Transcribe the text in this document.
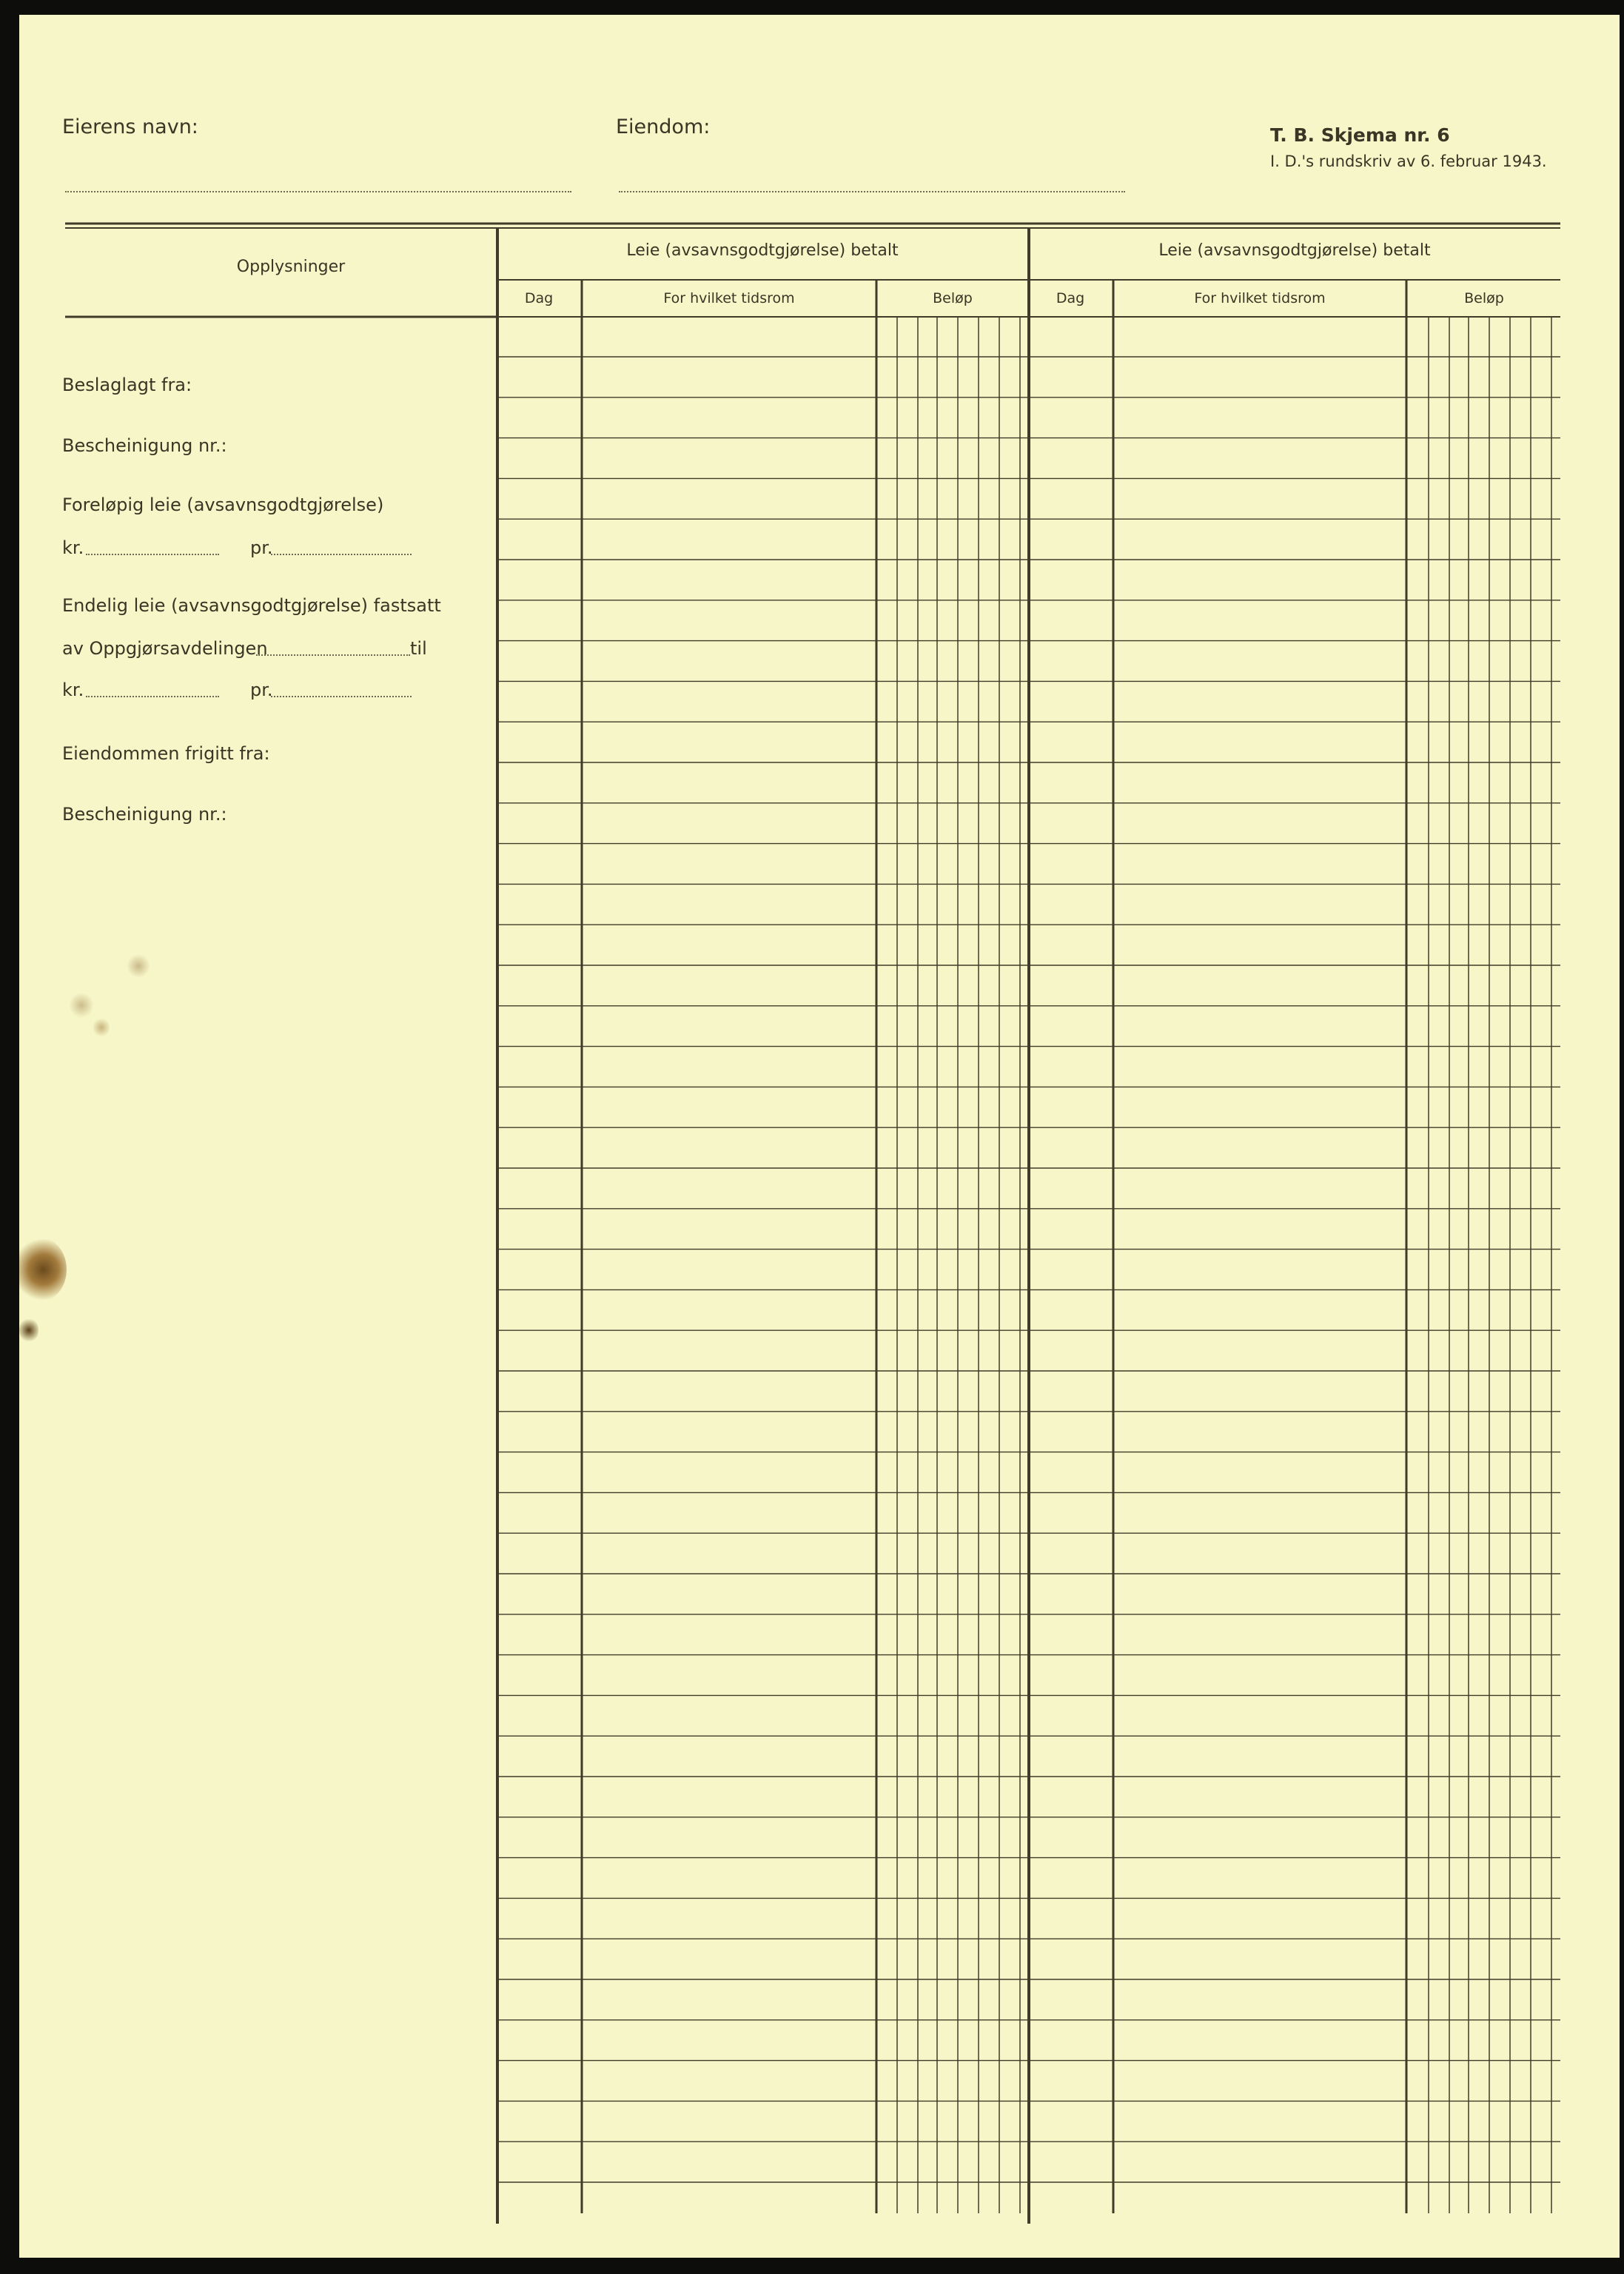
Eierens navn:	Eiendom:	T. B. Skjema nr. 6
I. D.'s rundskriv av 6. februar 1943.
Opplysninger
Leie (avsavnsgodtgjørelse) betalt
Dag	For hvilket tidsrom	Beløp
Leie (avsavnsgodtgjørelse) betalt
Dag	For hvilket tidsrom	Beløp
Beslaglagt fra:
Bescheinigung nr.:
Foreløpig leie (avsavnsgodtgjørelse)
kr.	pr.
Endelig leie (avsavnsgodtgjørelse) fastsatt
av Oppgjørsavdelingen	til
kr.	pr.
Eiendommen frigitt fra:
Bescheinigung nr.:
